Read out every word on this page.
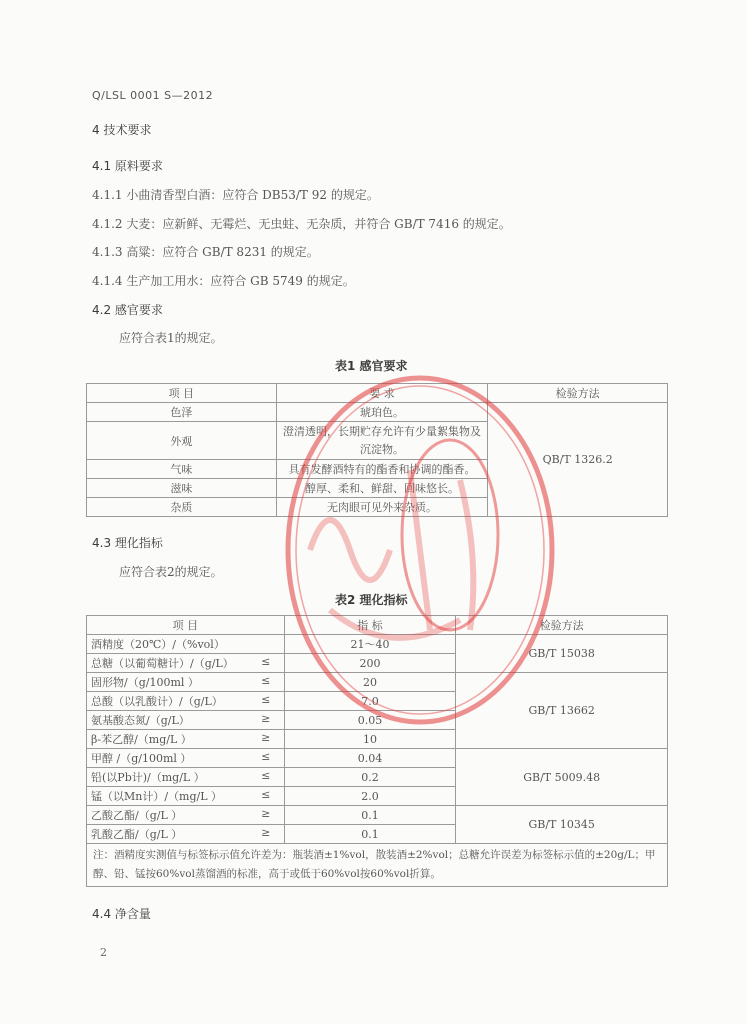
Q/LSL 0001 S—2012
4 技术要求
4.1 原料要求
4.1.1 小曲清香型白酒：应符合 DB53/T 92 的规定。
4.1.2 大麦：应新鲜、无霉烂、无虫蛀、无杂质，并符合 GB/T 7416 的规定。
4.1.3 高粱：应符合 GB/T 8231 的规定。
4.1.4 生产加工用水：应符合 GB 5749 的规定。
4.2 感官要求
应符合表1的规定。
表1 感官要求
项 目	要 求	检验方法
色泽	琥珀色。	QB/T 1326.2
外观	澄清透明，长期贮存允许有少量絮集物及沉淀物。	
气味	具有发酵酒特有的酯香和协调的酯香。	
滋味	醇厚、柔和、鲜甜、回味悠长。	
杂质	无肉眼可见外来杂质。	
4.3 理化指标
应符合表2的规定。
表2 理化指标
项 目	指 标	检验方法
酒精度（20℃）/（%vol）	21～40	GB/T 15038
总糖（以葡萄糖计）/（g/L） ≤	200	
固形物/（g/100ml ） ≤	20	GB/T 13662
总酸（以乳酸计）/（g/L） ≤	7.0	
氨基酸态氮/（g/L） ≥	0.05	
β-苯乙醇/（mg/L ） ≥	10	
甲醇 /（g/100ml ） ≤	0.04	GB/T 5009.48
铅(以Pb计)/（mg/L ） ≤	0.2	
锰（以Mn计）/（mg/L ） ≤	2.0	
乙酸乙酯/（g/L ） ≥	0.1	GB/T 10345
乳酸乙酯/（g/L ） ≥	0.1	
注：酒精度实测值与标签标示值允许差为：瓶装酒±1%vol，散装酒±2%vol；总糖允许误差为标签标示值的±20g/L；甲醇、铅、锰按60%vol蒸馏酒的标准，高于或低于60%vol按60%vol折算。		
4.4 净含量
2
